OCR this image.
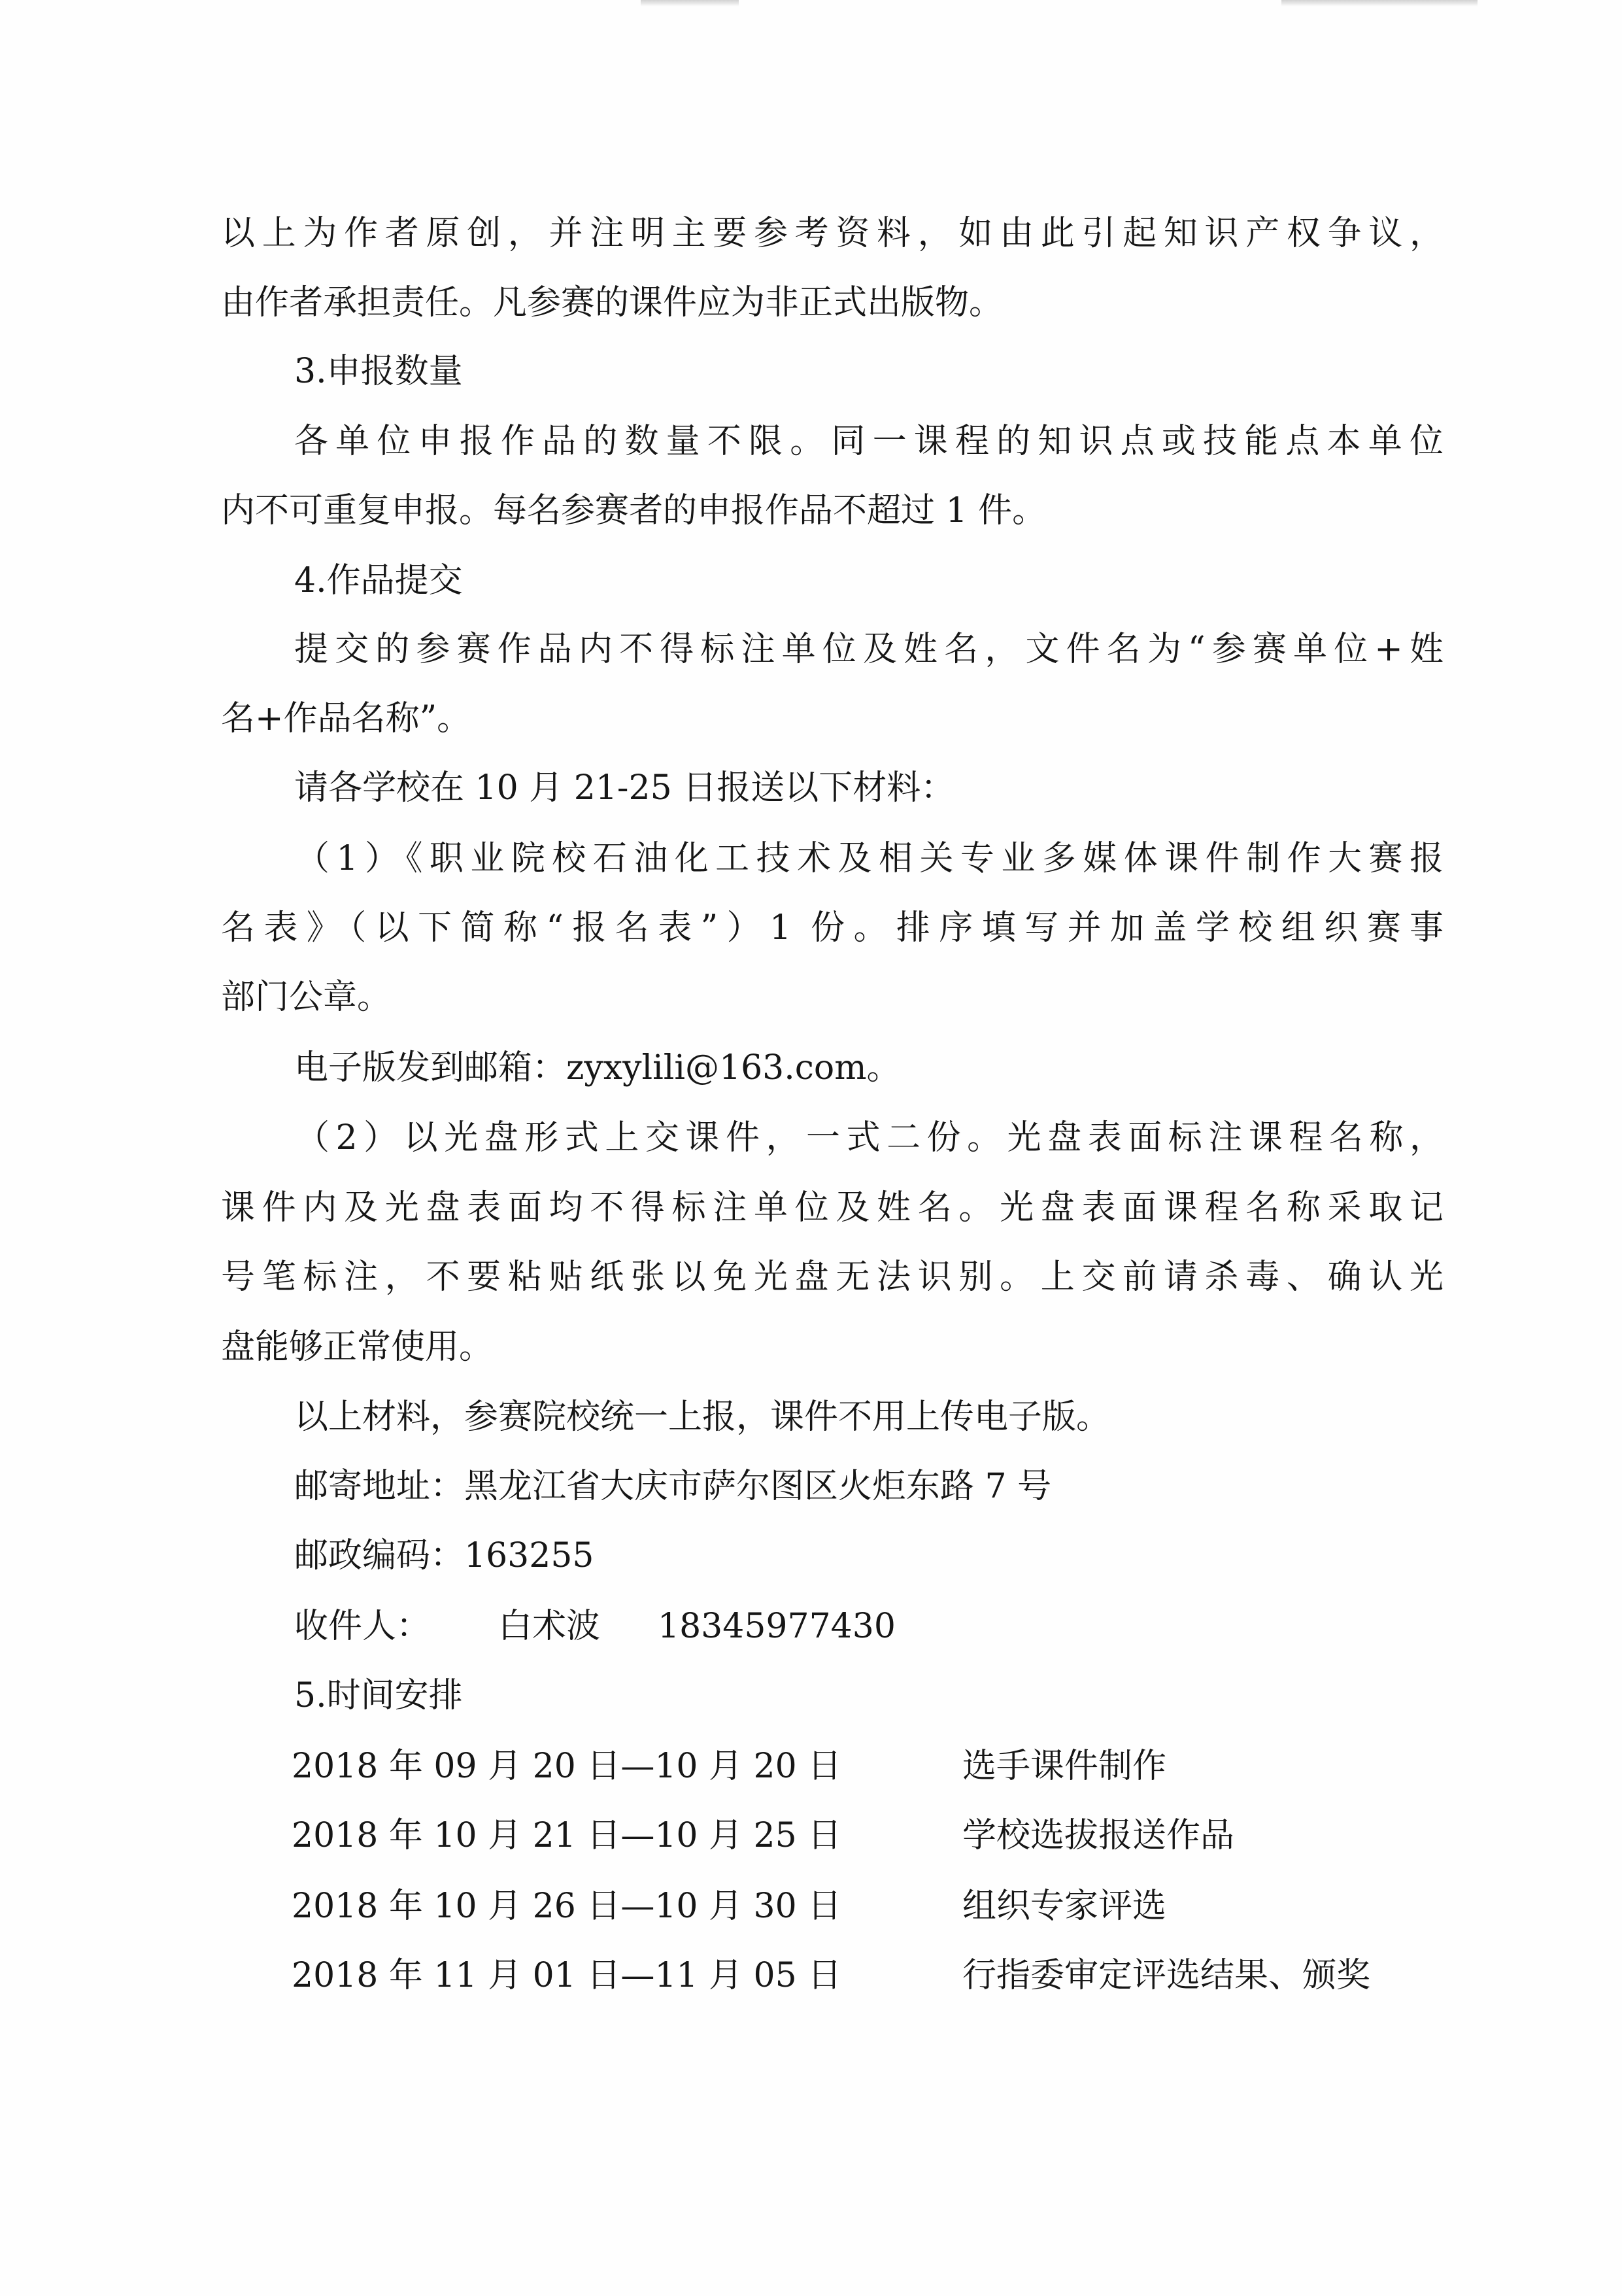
以上为作者原创，并注明主要参考资料，如由此引起知识产权争议，
由作者承担责任。凡参赛的课件应为非正式出版物。
3.申报数量
各单位申报作品的数量不限。同一课程的知识点或技能点本单位
内不可重复申报。每名参赛者的申报作品不超过 1 件。
4.作品提交
提交的参赛作品内不得标注单位及姓名，文件名为“参赛单位+姓
名+作品名称”。
请各学校在 10 月 21-25 日报送以下材料：
（1）《职业院校石油化工技术及相关专业多媒体课件制作大赛报
名表》（以下简称“报名表”）1 份。排序填写并加盖学校组织赛事
部门公章。
电子版发到邮箱：zyxylili@163.com。
（2）以光盘形式上交课件，一式二份。光盘表面标注课程名称，
课件内及光盘表面均不得标注单位及姓名。光盘表面课程名称采取记
号笔标注，不要粘贴纸张以免光盘无法识别。上交前请杀毒、确认光
盘能够正常使用。
以上材料，参赛院校统一上报，课件不用上传电子版。
邮寄地址：黑龙江省大庆市萨尔图区火炬东路 7 号
邮政编码：163255
收件人： 白术波 18345977430
5.时间安排
2018 年 09 月 20 日—10 月 20 日	选手课件制作
2018 年 10 月 21 日—10 月 25 日	学校选拔报送作品
2018 年 10 月 26 日—10 月 30 日	组织专家评选
2018 年 11 月 01 日—11 月 05 日	行指委审定评选结果、颁奖
